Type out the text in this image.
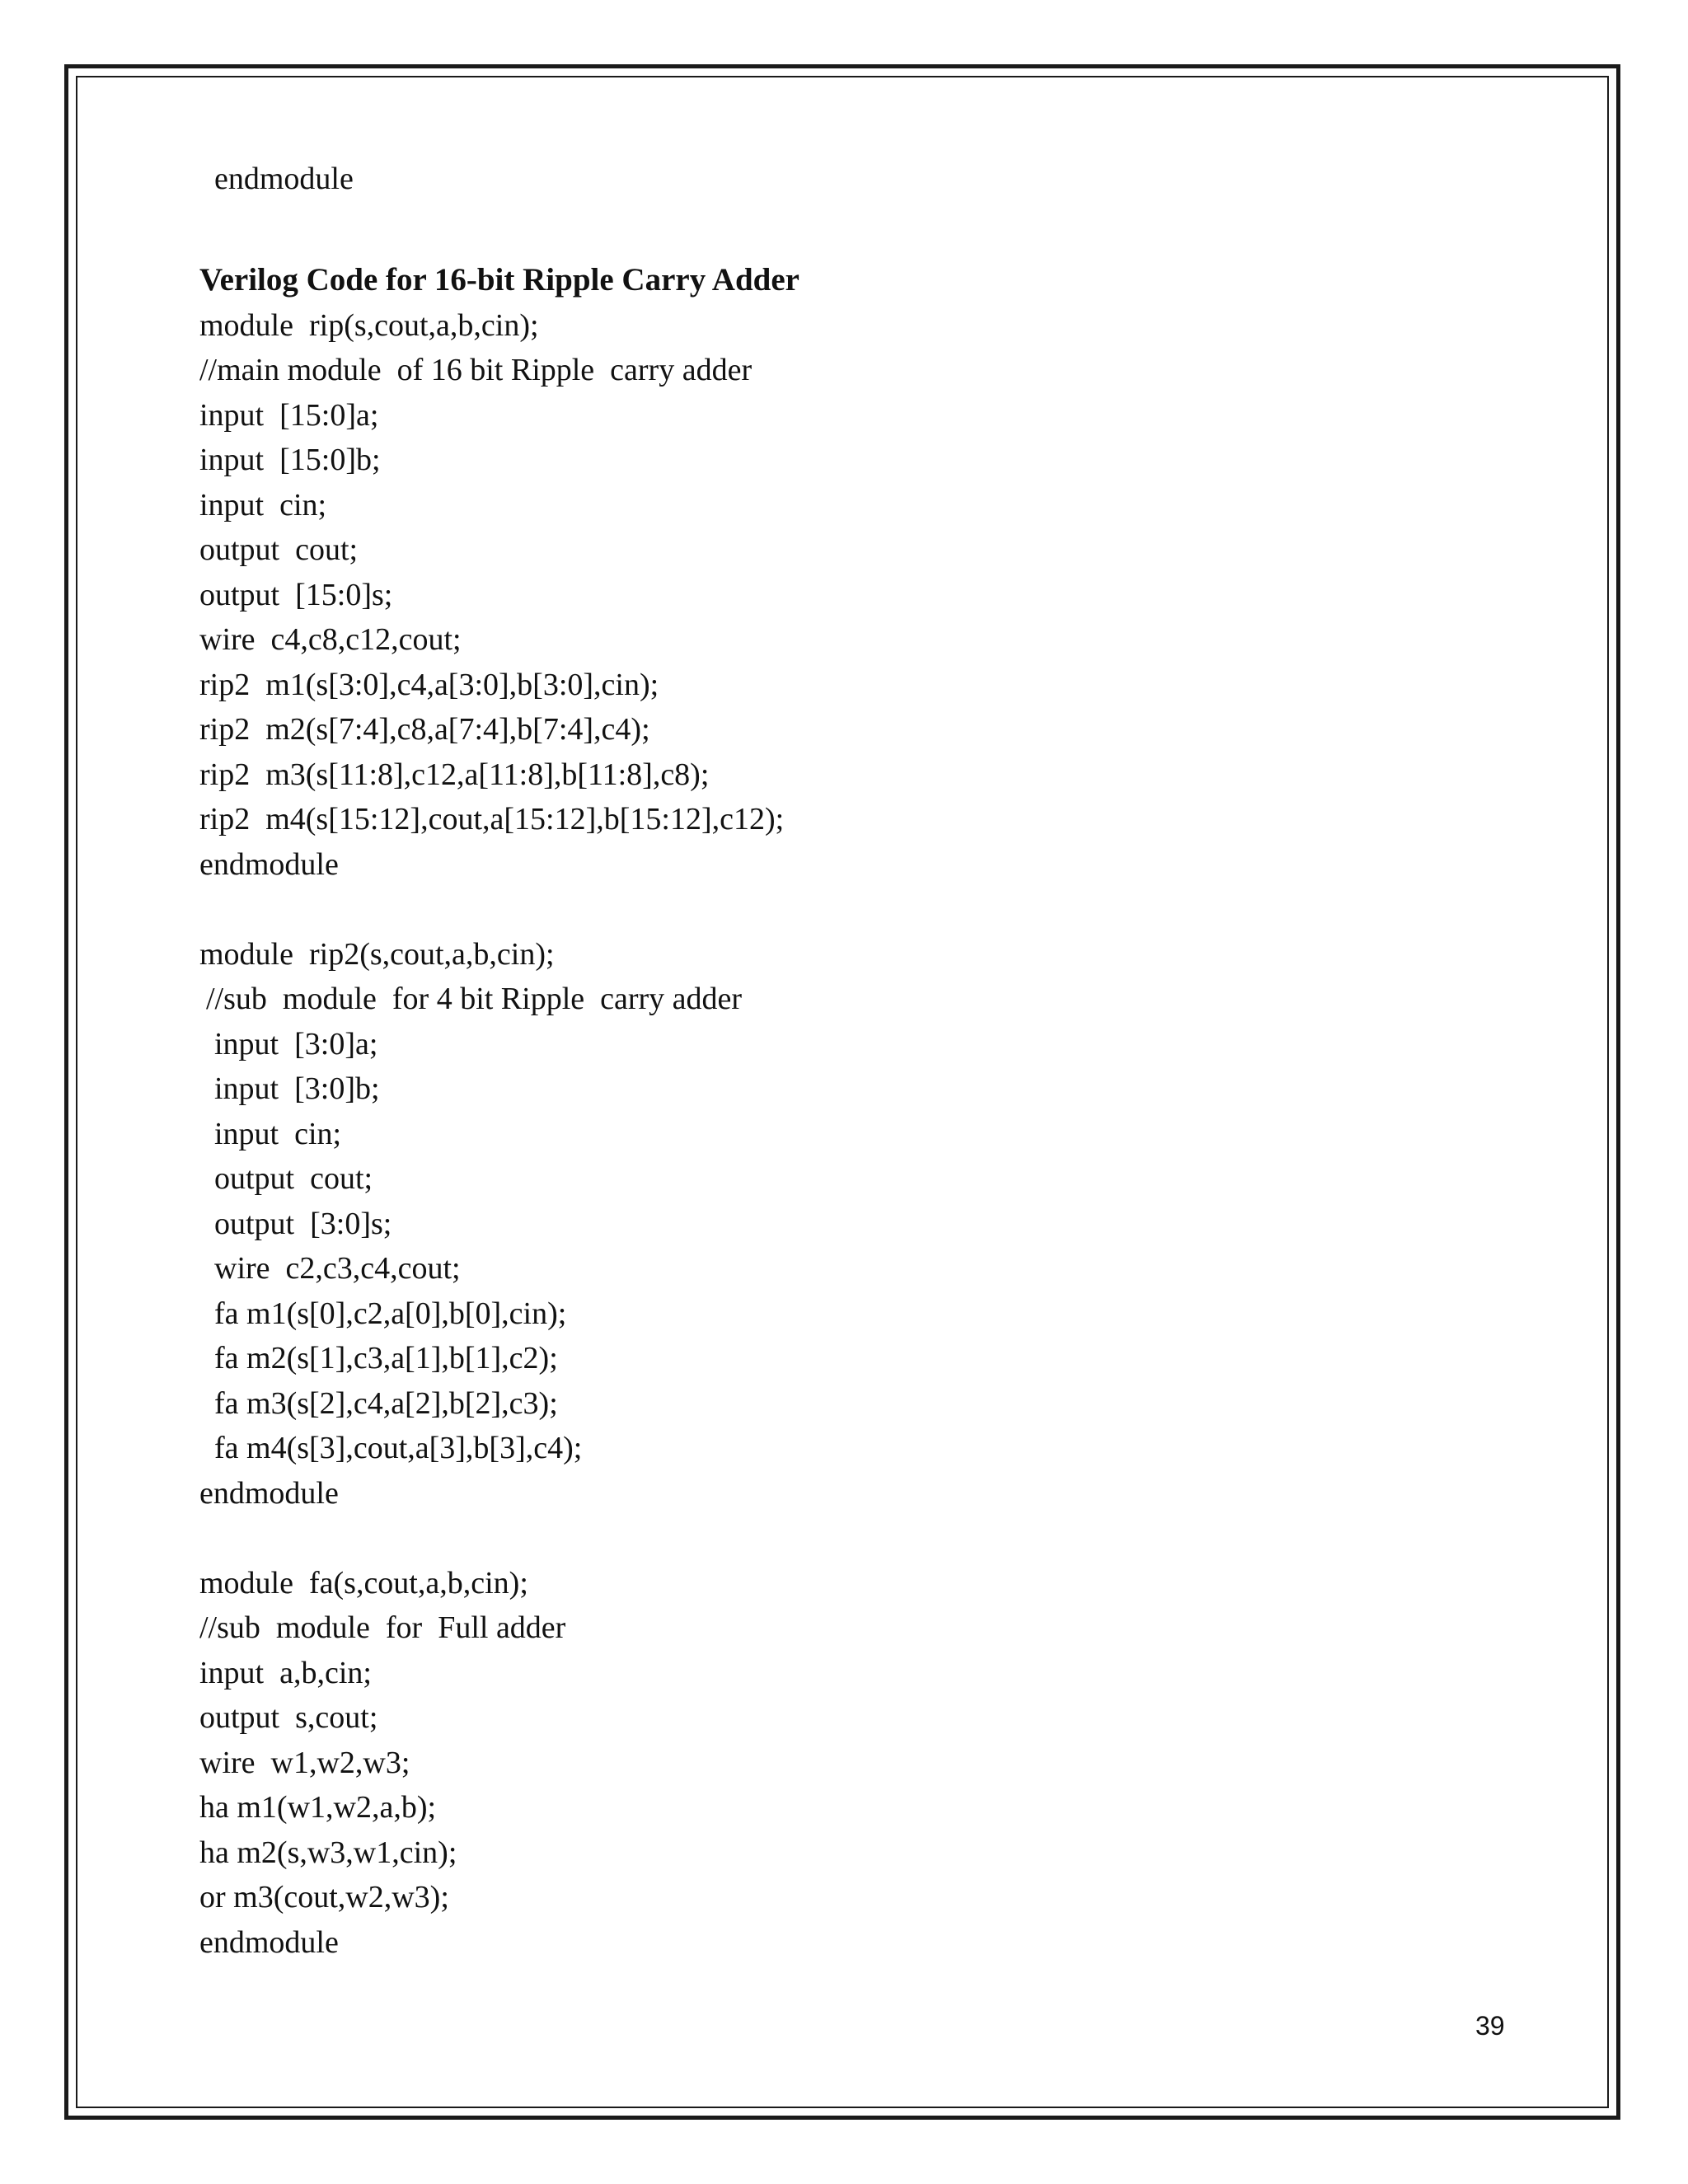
endmodule
Verilog Code for 16-bit Ripple Carry Adder
module  rip(s,cout,a,b,cin);
//main module  of 16 bit Ripple  carry adder
input  [15:0]a;
input  [15:0]b;
input  cin;
output  cout;
output  [15:0]s;
wire  c4,c8,c12,cout;
rip2  m1(s[3:0],c4,a[3:0],b[3:0],cin);
rip2  m2(s[7:4],c8,a[7:4],b[7:4],c4);
rip2  m3(s[11:8],c12,a[11:8],b[11:8],c8);
rip2  m4(s[15:12],cout,a[15:12],b[15:12],c12);
endmodule
module  rip2(s,cout,a,b,cin);
//sub  module  for 4 bit Ripple  carry adder
input  [3:0]a;
input  [3:0]b;
input  cin;
output  cout;
output  [3:0]s;
wire  c2,c3,c4,cout;
fa m1(s[0],c2,a[0],b[0],cin);
fa m2(s[1],c3,a[1],b[1],c2);
fa m3(s[2],c4,a[2],b[2],c3);
fa m4(s[3],cout,a[3],b[3],c4);
endmodule
module  fa(s,cout,a,b,cin);
//sub  module  for  Full adder
input  a,b,cin;
output  s,cout;
wire  w1,w2,w3;
ha m1(w1,w2,a,b);
ha m2(s,w3,w1,cin);
or m3(cout,w2,w3);
endmodule
39
